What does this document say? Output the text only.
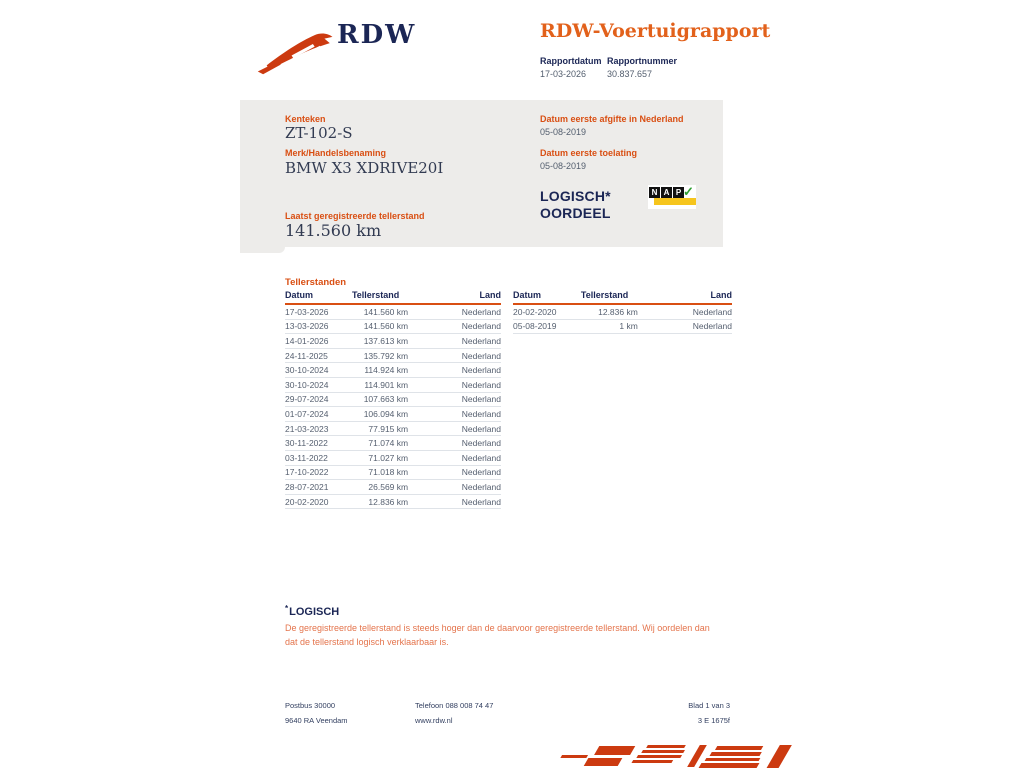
RDW	RDW-Voertuigrapport
Rapportdatum Rapportnummer
17-03-2026	30.837.657
Kenteken
ZT-102-S
Merk/Handelsbenaming
BMW X3 XDRIVE20I
Laatst geregistreerde tellerstand
141.560 km
Datum eerste afgifte in Nederland
05-08-2019
Datum eerste toelating
05-08-2019
LOGISCH*
OORDEEL
N A P ✓
Tellerstanden
Datum	Tellerstand	Land
17-03-2026	141.560 km	Nederland
13-03-2026	141.560 km	Nederland
14-01-2026	137.613 km	Nederland
24-11-2025	135.792 km	Nederland
30-10-2024	114.924 km	Nederland
30-10-2024	114.901 km	Nederland
29-07-2024	107.663 km	Nederland
01-07-2024	106.094 km	Nederland
21-03-2023	77.915 km	Nederland
30-11-2022	71.074 km	Nederland
03-11-2022	71.027 km	Nederland
17-10-2022	71.018 km	Nederland
28-07-2021	26.569 km	Nederland
20-02-2020	12.836 km	Nederland
Datum	Tellerstand	Land
20-02-2020	12.836 km	Nederland
05-08-2019	1 km	Nederland
*LOGISCH
De geregistreerde tellerstand is steeds hoger dan de daarvoor geregistreerde tellerstand. Wij oordelen dan dat de tellerstand logisch verklaarbaar is.
Postbus 30000
9640 RA Veendam
Telefoon 088 008 74 47
www.rdw.nl
Blad 1 van 3
3 E 1675f
